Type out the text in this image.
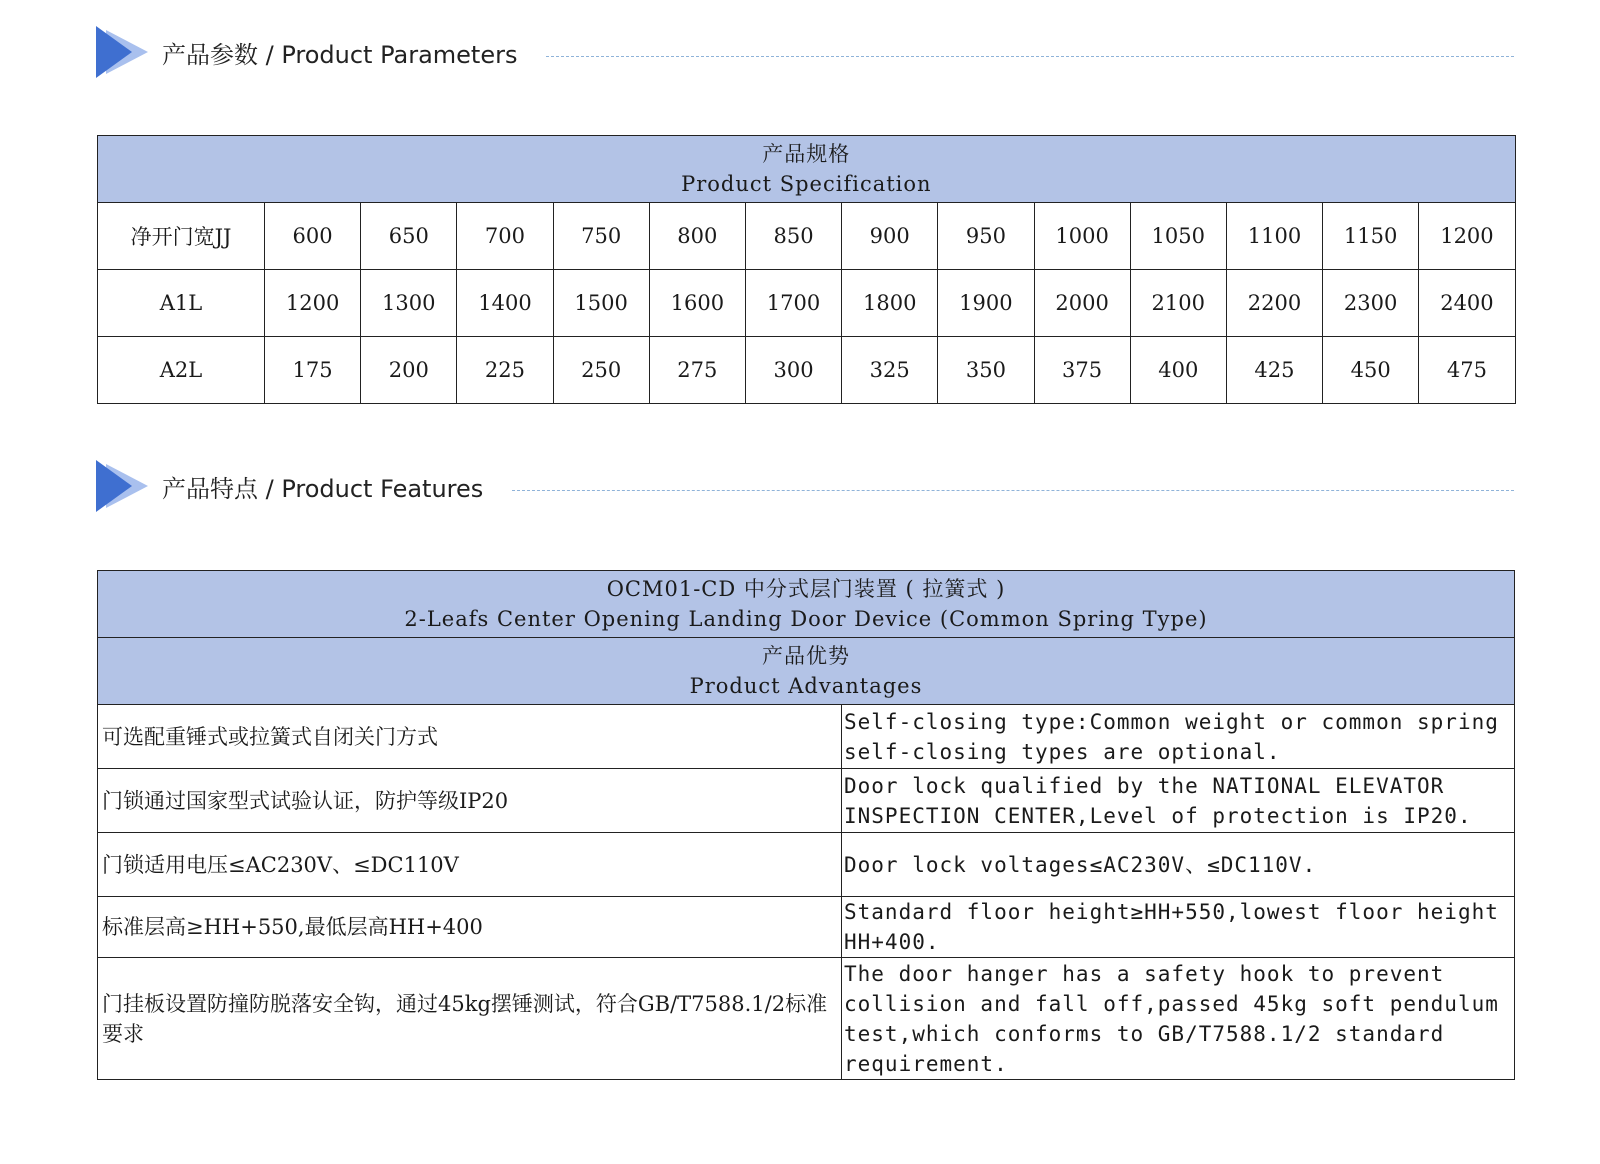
产品参数 / Product Parameters
产品规格
Product Specification													

净开门宽JJ	600	650	700	750	800	850	900	950	1000	1050	1100	1150	1200
A1L	1200	1300	1400	1500	1600	1700	1800	1900	2000	2100	2200	2300	2400
A2L	175	200	225	250	275	300	325	350	375	400	425	450	475
产品特点 / Product Features
OCM01-CD 中分式层门装置 ( 拉簧式 )
2-Leafs Center Opening Landing Door Device (Common Spring Type)	

产品优势
Product Advantages	

可选配重锤式或拉簧式自闭关门方式	Self-closing type:Common weight or common spring self-closing types are optional.
门锁通过国家型式试验认证，防护等级IP20	Door lock qualified by the NATIONAL ELEVATOR INSPECTION CENTER,Level of protection is IP20.
门锁适用电压≤AC230V、≤DC110V	Door lock voltages≤AC230V、≤DC110V.
标准层高≥HH+550,最低层高HH+400	Standard floor height≥HH+550,lowest floor height HH+400.
门挂板设置防撞防脱落安全钩，通过45kg摆锤测试，符合GB/T7588.1/2标准要求	The door hanger has a safety hook to prevent collision and fall off,passed 45kg soft pendulum test,which conforms to GB/T7588.1/2 standard requirement.
